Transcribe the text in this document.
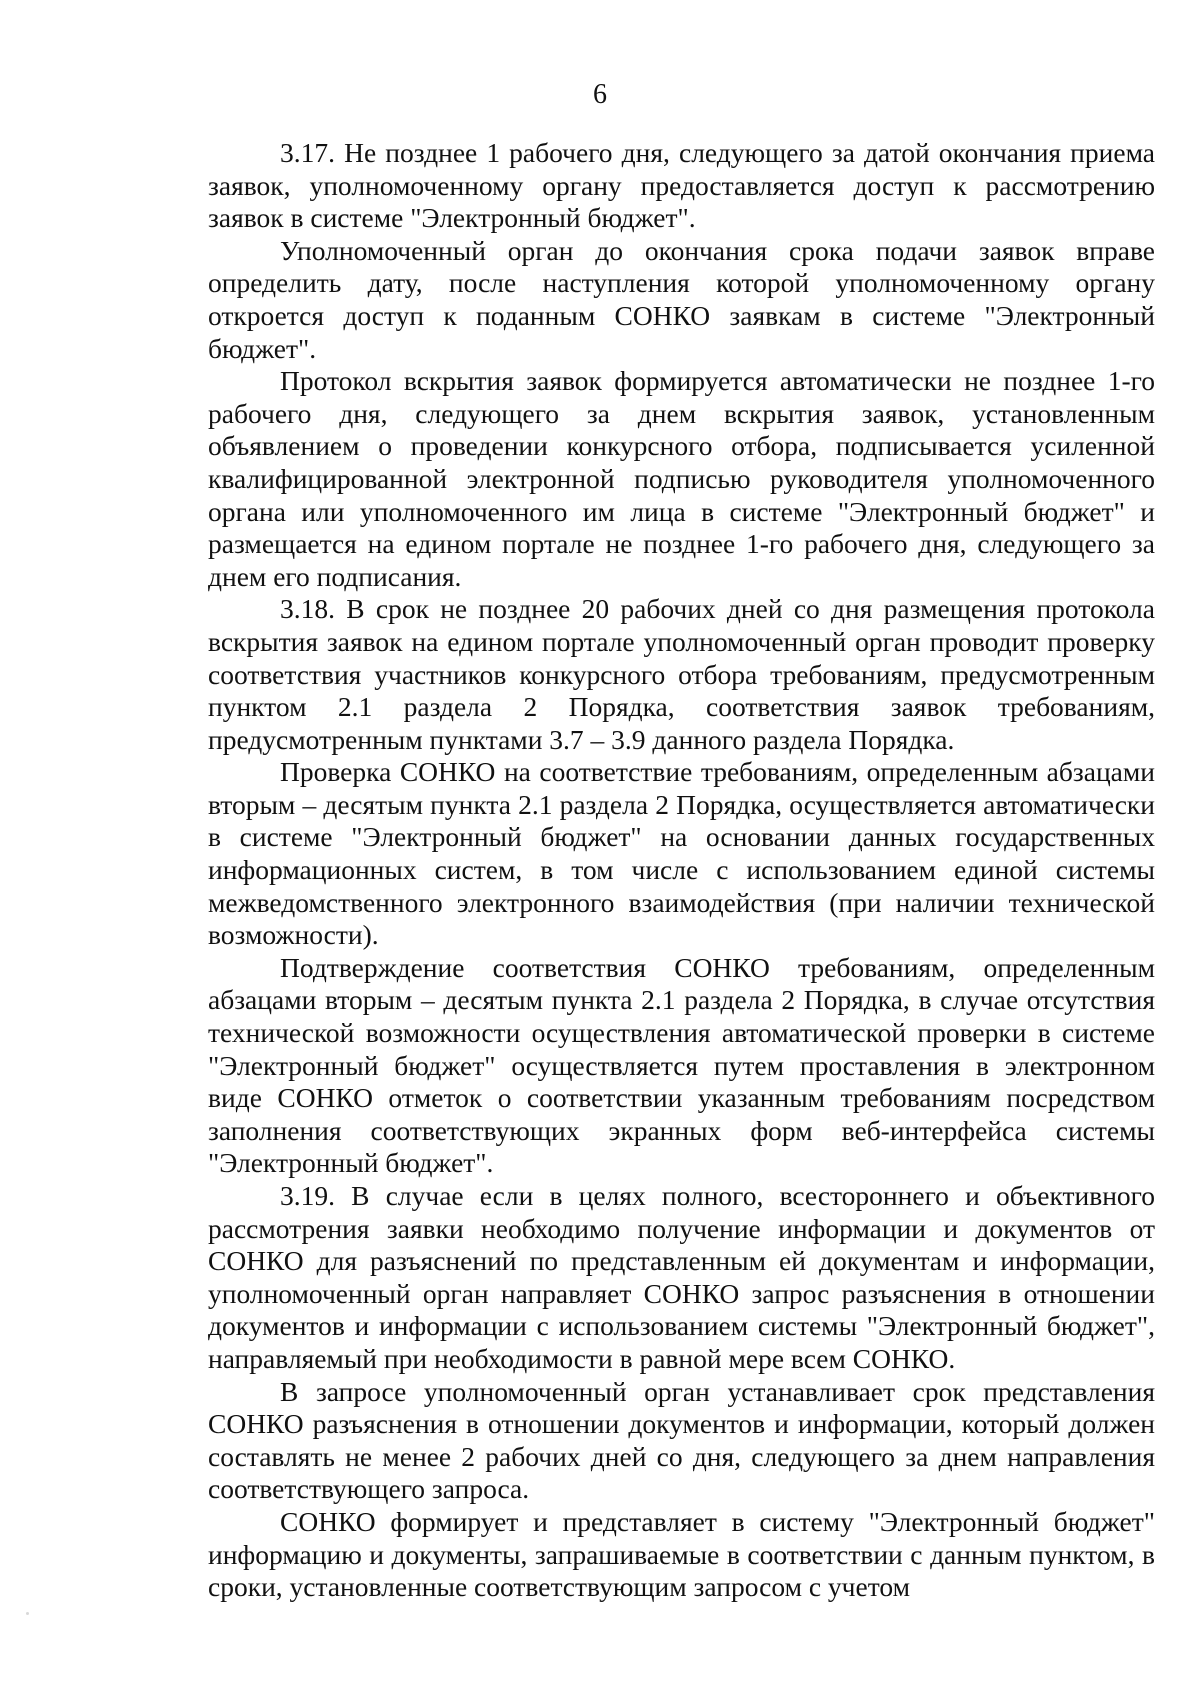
6

3.17. Не позднее 1 рабочего дня, следующего за датой окончания приема заявок, уполномоченному органу предоставляется доступ к рассмотрению заявок в системе "Электронный бюджет".

Уполномоченный орган до окончания срока подачи заявок вправе определить дату, после наступления которой уполномоченному органу откроется доступ к поданным СОНКО заявкам в системе "Электронный бюджет".

Протокол вскрытия заявок формируется автоматически не позднее 1-го рабочего дня, следующего за днем вскрытия заявок, установленным объявлением о проведении конкурсного отбора, подписывается усиленной квалифицированной электронной подписью руководителя уполномоченного органа или уполномоченного им лица в системе "Электронный бюджет" и размещается на едином портале не позднее 1-го рабочего дня, следующего за днем его подписания.

3.18. В срок не позднее 20 рабочих дней со дня размещения протокола вскрытия заявок на едином портале уполномоченный орган проводит проверку соответствия участников конкурсного отбора требованиям, предусмотренным пунктом 2.1 раздела 2 Порядка, соответствия заявок требованиям, предусмотренным пунктами 3.7 – 3.9 данного раздела Порядка.

Проверка СОНКО на соответствие требованиям, определенным абзацами вторым – десятым пункта 2.1 раздела 2 Порядка, осуществляется автоматически в системе "Электронный бюджет" на основании данных государственных информационных систем, в том числе с использованием единой системы межведомственного электронного взаимодействия (при наличии технической возможности).

Подтверждение соответствия СОНКО требованиям, определенным абзацами вторым – десятым пункта 2.1 раздела 2 Порядка, в случае отсутствия технической возможности осуществления автоматической проверки в системе "Электронный бюджет" осуществляется путем проставления в электронном виде СОНКО отметок о соответствии указанным требованиям посредством заполнения соответствующих экранных форм веб-интерфейса системы "Электронный бюджет".

3.19. В случае если в целях полного, всестороннего и объективного рассмотрения заявки необходимо получение информации и документов от СОНКО для разъяснений по представленным ей документам и информации, уполномоченный орган направляет СОНКО запрос разъяснения в отношении документов и информации с использованием системы "Электронный бюджет", направляемый при необходимости в равной мере всем СОНКО.

В запросе уполномоченный орган устанавливает срок представления СОНКО разъяснения в отношении документов и информации, который должен составлять не менее 2 рабочих дней со дня, следующего за днем направления соответствующего запроса.

СОНКО формирует и представляет в систему "Электронный бюджет" информацию и документы, запрашиваемые в соответствии с данным пунктом, в сроки, установленные соответствующим запросом с учетом
